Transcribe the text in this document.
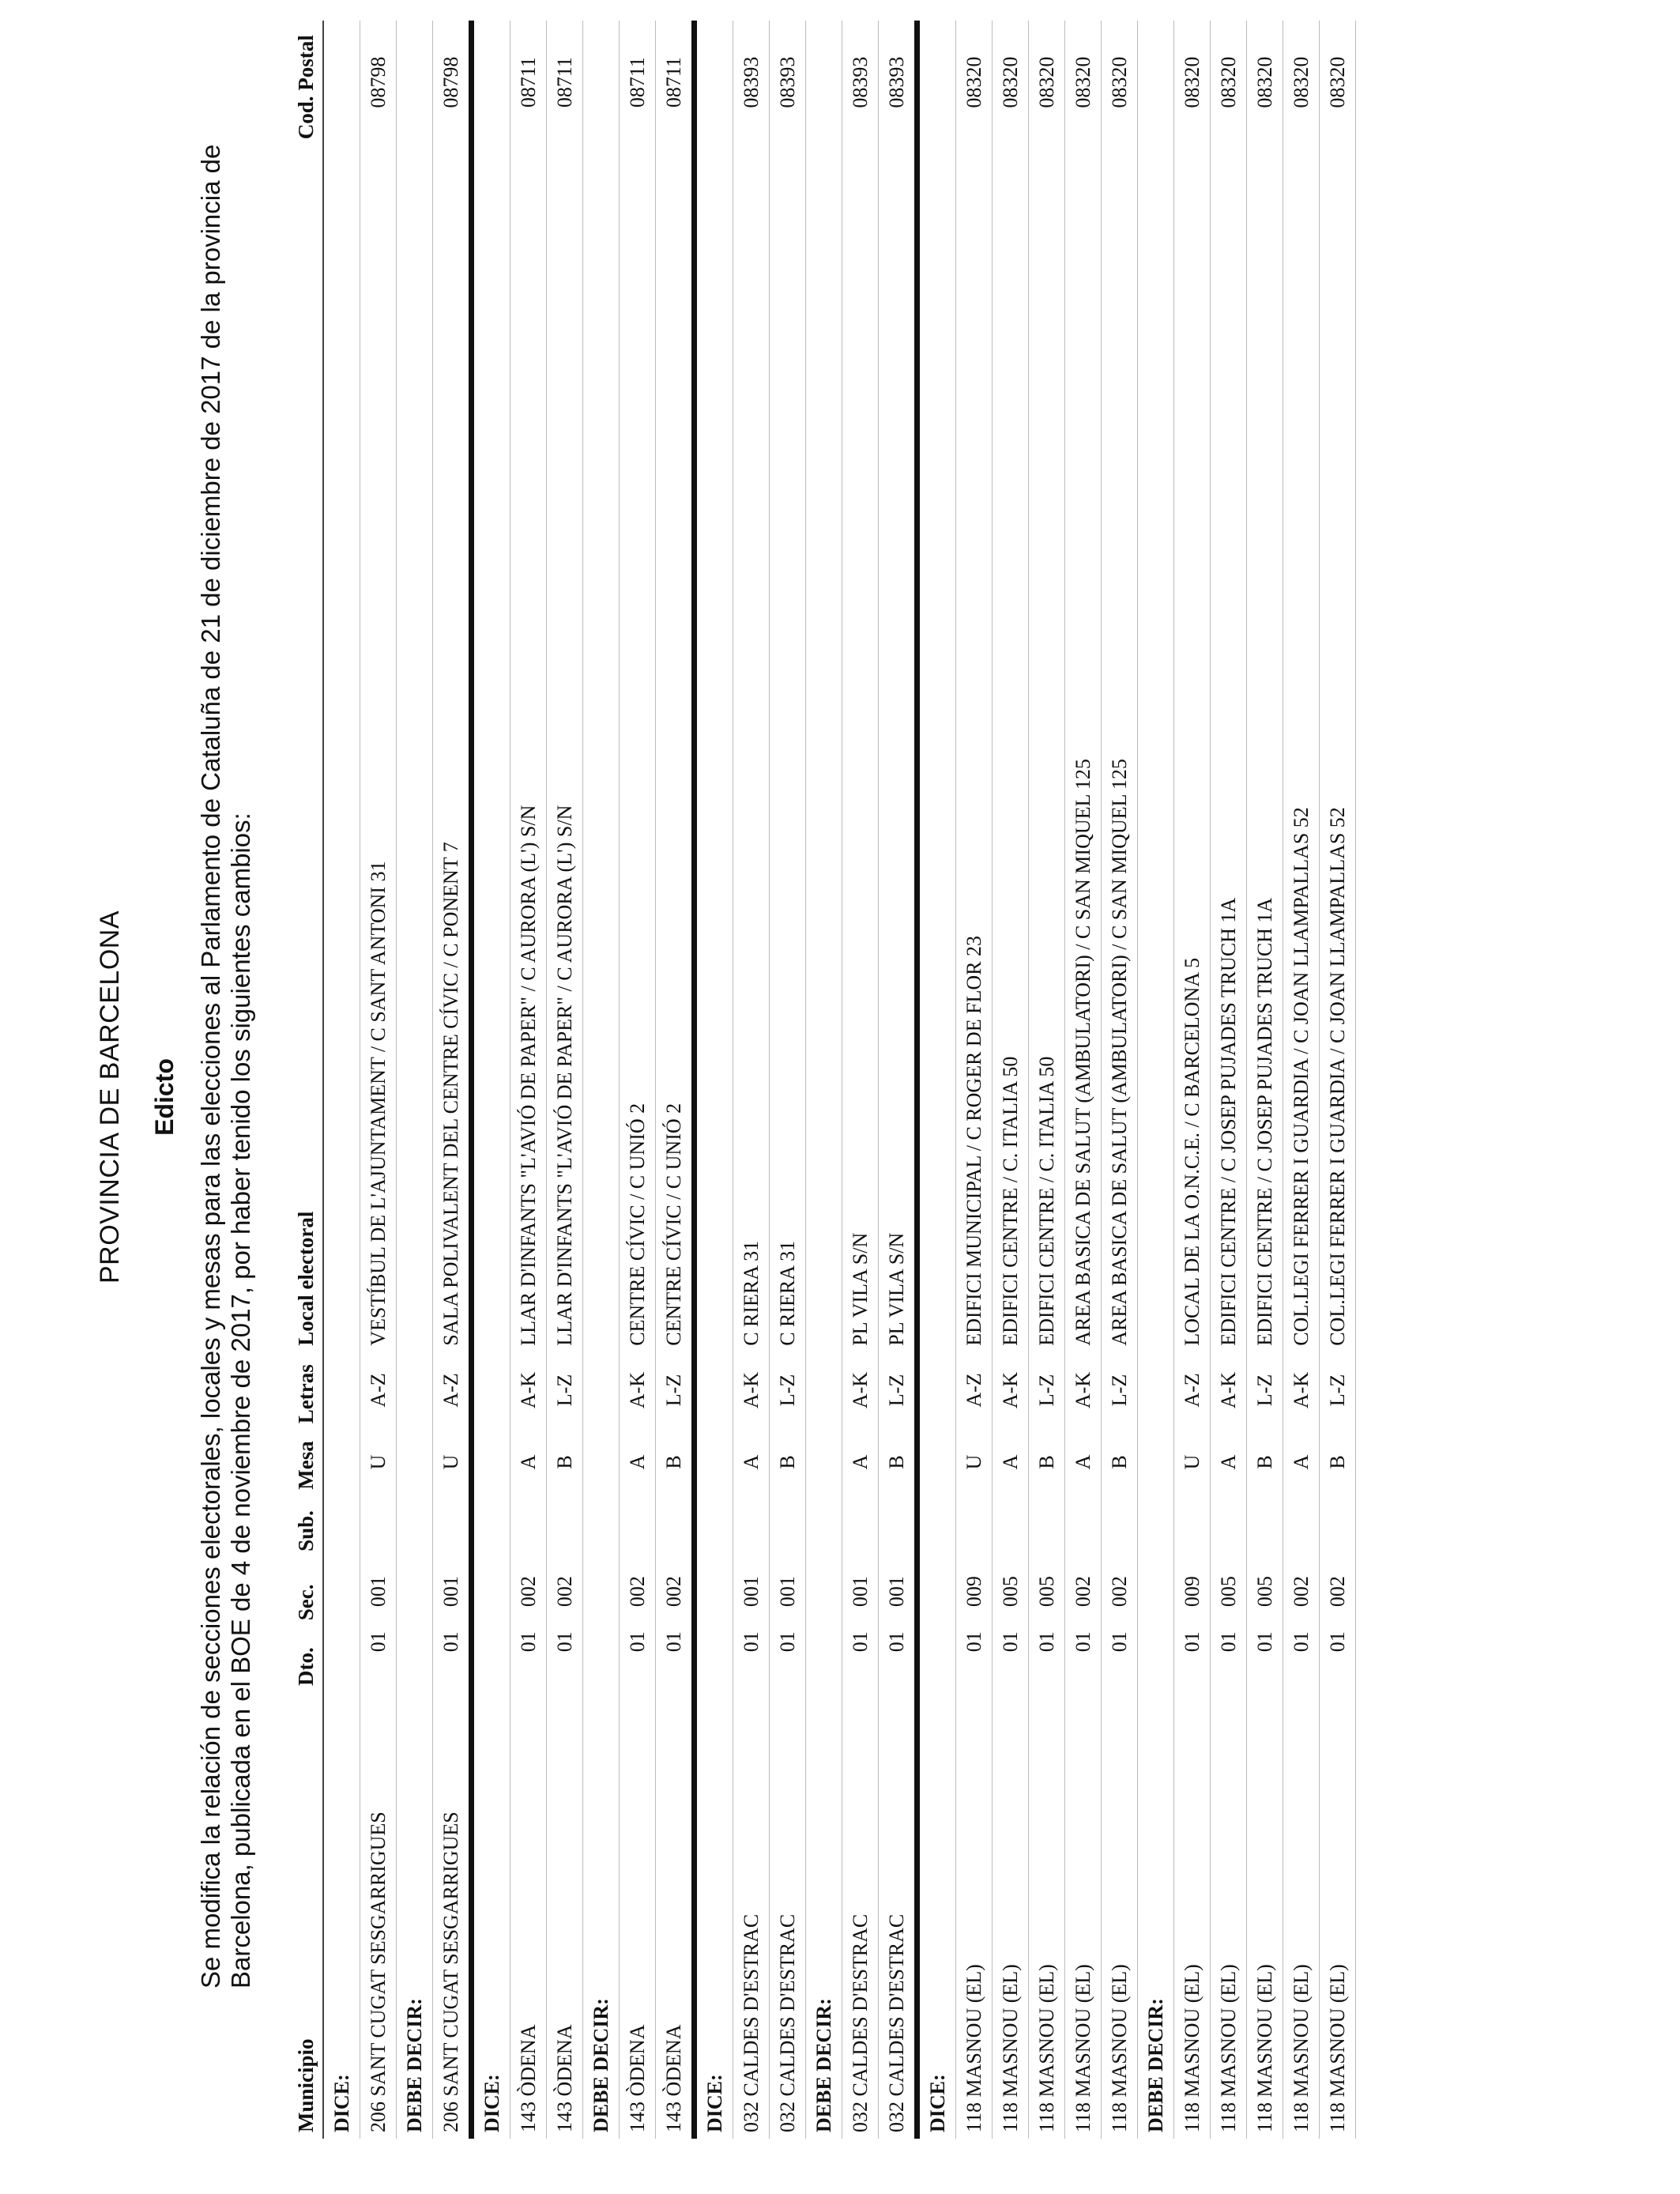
PROVINCIA DE BARCELONA Edicto Se modifica la relación de secciones electorales, locales y mesas para las elecciones al Parlamento de Cataluña de 21 de diciembre de 2017 de la provincia de Barcelona, publicada en el BOE de 4 de noviembre de 2017, por haber tenido los siguientes cambios:
Municipio	Dto.	Sec.	Sub.	Mesa	Letras	Local electoral	Cod. Postal
DICE:							
206 SANT CUGAT SESGARRIGUES	01	001		U	A-Z	VESTÍBUL DE L'AJUNTAMENT / C SANT ANTONI 31	08798
DEBE DECIR:							
206 SANT CUGAT SESGARRIGUES	01	001		U	A-Z	SALA POLIVALENT DEL CENTRE CÍVIC / C PONENT 7	08798
DICE:							
143 ÒDENA	01	002		A	A-K	LLAR D'INFANTS "L'AVIÓ DE PAPER" / C AURORA (L') S/N	08711
143 ÒDENA	01	002		B	L-Z	LLAR D'INFANTS "L'AVIÓ DE PAPER" / C AURORA (L') S/N	08711
DEBE DECIR:							
143 ÒDENA	01	002		A	A-K	CENTRE CÍVIC / C UNIÓ 2	08711
143 ÒDENA	01	002		B	L-Z	CENTRE CÍVIC / C UNIÓ 2	08711
DICE:							
032 CALDES D'ESTRAC	01	001		A	A-K	C RIERA 31	08393
032 CALDES D'ESTRAC	01	001		B	L-Z	C RIERA 31	08393
DEBE DECIR:							
032 CALDES D'ESTRAC	01	001		A	A-K	PL VILA S/N	08393
032 CALDES D'ESTRAC	01	001		B	L-Z	PL VILA S/N	08393
DICE:							
118 MASNOU (EL)	01	009		U	A-Z	EDIFICI MUNICIPAL / C ROGER DE FLOR 23	08320
118 MASNOU (EL)	01	005		A	A-K	EDIFICI CENTRE / C. ITALIA 50	08320
118 MASNOU (EL)	01	005		B	L-Z	EDIFICI CENTRE / C. ITALIA 50	08320
118 MASNOU (EL)	01	002		A	A-K	AREA BASICA DE SALUT (AMBULATORI) / C SAN MIQUEL 125	08320
118 MASNOU (EL)	01	002		B	L-Z	AREA BASICA DE SALUT (AMBULATORI) / C SAN MIQUEL 125	08320
DEBE DECIR:							
118 MASNOU (EL)	01	009		U	A-Z	LOCAL DE LA O.N.C.E. / C BARCELONA 5	08320
118 MASNOU (EL)	01	005		A	A-K	EDIFICI CENTRE / C JOSEP PUJADES TRUCH 1A	08320
118 MASNOU (EL)	01	005		B	L-Z	EDIFICI CENTRE / C JOSEP PUJADES TRUCH 1A	08320
118 MASNOU (EL)	01	002		A	A-K	COL.LEGI FERRER I GUARDIA / C JOAN LLAMPALLAS 52	08320
118 MASNOU (EL)	01	002		B	L-Z	COL.LEGI FERRER I GUARDIA / C JOAN LLAMPALLAS 52	08320
